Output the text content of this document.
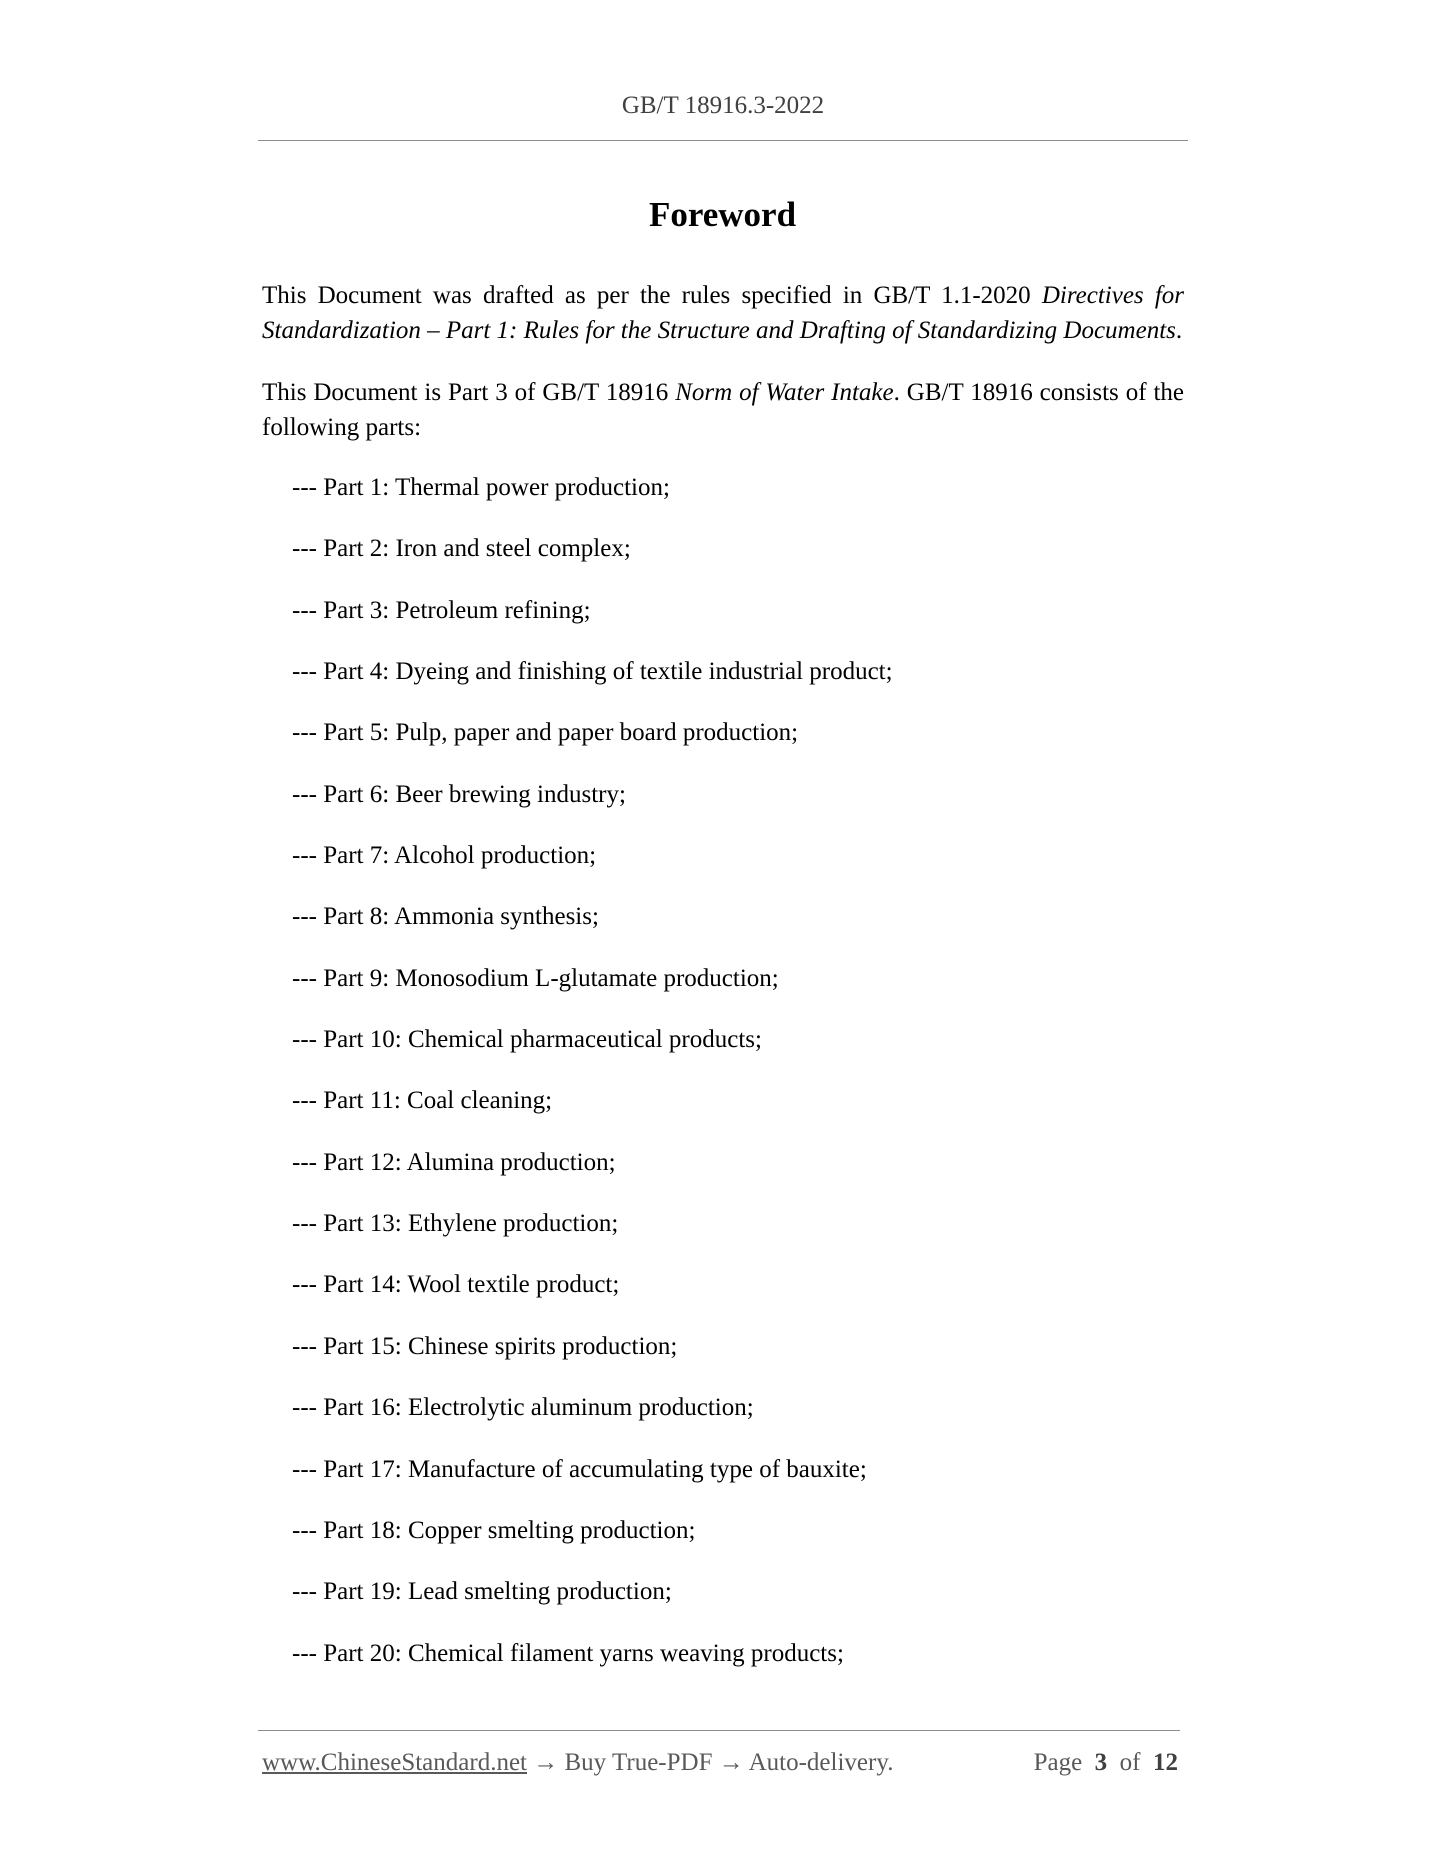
GB/T 18916.3-2022
Foreword

This Document was drafted as per the rules specified in GB/T 1.1-2020 Directives for Standardization – Part 1: Rules for the Structure and Drafting of Standardizing Documents.

This Document is Part 3 of GB/T 18916 Norm of Water Intake. GB/T 18916 consists of the following parts:

--- Part 1: Thermal power production;
--- Part 2: Iron and steel complex;
--- Part 3: Petroleum refining;
--- Part 4: Dyeing and finishing of textile industrial product;
--- Part 5: Pulp, paper and paper board production;
--- Part 6: Beer brewing industry;
--- Part 7: Alcohol production;
--- Part 8: Ammonia synthesis;
--- Part 9: Monosodium L-glutamate production;
--- Part 10: Chemical pharmaceutical products;
--- Part 11: Coal cleaning;
--- Part 12: Alumina production;
--- Part 13: Ethylene production;
--- Part 14: Wool textile product;
--- Part 15: Chinese spirits production;
--- Part 16: Electrolytic aluminum production;
--- Part 17: Manufacture of accumulating type of bauxite;
--- Part 18: Copper smelting production;
--- Part 19: Lead smelting production;
--- Part 20: Chemical filament yarns weaving products;
www.ChineseStandard.net → Buy True-PDF → Auto-delivery.	Page 3 of 12
